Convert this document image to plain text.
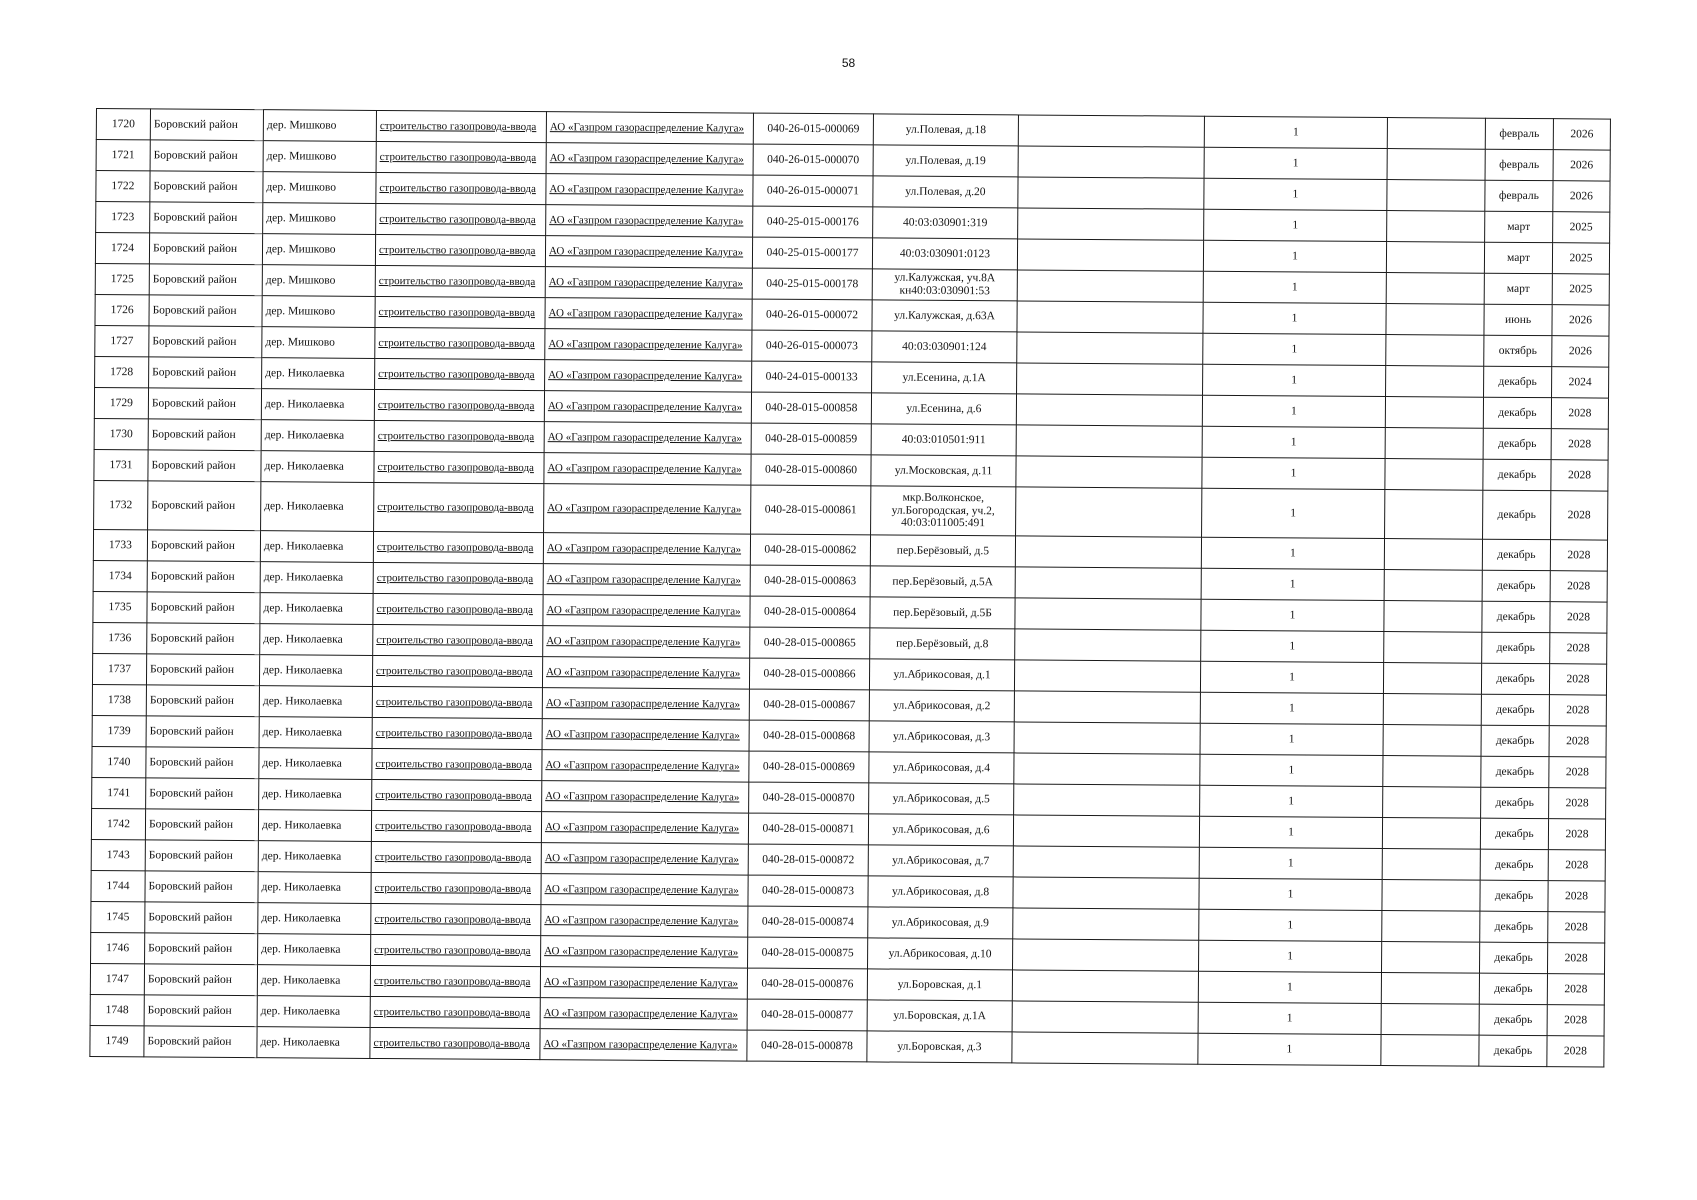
58
1720	Боровский район	дер. Мишково	строительство газопровода-ввода	АО «Газпром газораспределение Калуга»	040-26-015-000069	ул.Полевая, д.18		1		февраль	2026
1721	Боровский район	дер. Мишково	строительство газопровода-ввода	АО «Газпром газораспределение Калуга»	040-26-015-000070	ул.Полевая, д.19		1		февраль	2026
1722	Боровский район	дер. Мишково	строительство газопровода-ввода	АО «Газпром газораспределение Калуга»	040-26-015-000071	ул.Полевая, д.20		1		февраль	2026
1723	Боровский район	дер. Мишково	строительство газопровода-ввода	АО «Газпром газораспределение Калуга»	040-25-015-000176	40:03:030901:319		1		март	2025
1724	Боровский район	дер. Мишково	строительство газопровода-ввода	АО «Газпром газораспределение Калуга»	040-25-015-000177	40:03:030901:0123		1		март	2025
1725	Боровский район	дер. Мишково	строительство газопровода-ввода	АО «Газпром газораспределение Калуга»	040-25-015-000178	ул.Калужская, уч.8А кн40:03:030901:53		1		март	2025
1726	Боровский район	дер. Мишково	строительство газопровода-ввода	АО «Газпром газораспределение Калуга»	040-26-015-000072	ул.Калужская, д.63А		1		июнь	2026
1727	Боровский район	дер. Мишково	строительство газопровода-ввода	АО «Газпром газораспределение Калуга»	040-26-015-000073	40:03:030901:124		1		октябрь	2026
1728	Боровский район	дер. Николаевка	строительство газопровода-ввода	АО «Газпром газораспределение Калуга»	040-24-015-000133	ул.Есенина, д.1А		1		декабрь	2024
1729	Боровский район	дер. Николаевка	строительство газопровода-ввода	АО «Газпром газораспределение Калуга»	040-28-015-000858	ул.Есенина, д.6		1		декабрь	2028
1730	Боровский район	дер. Николаевка	строительство газопровода-ввода	АО «Газпром газораспределение Калуга»	040-28-015-000859	40:03:010501:911		1		декабрь	2028
1731	Боровский район	дер. Николаевка	строительство газопровода-ввода	АО «Газпром газораспределение Калуга»	040-28-015-000860	ул.Московская, д.11		1		декабрь	2028
1732	Боровский район	дер. Николаевка	строительство газопровода-ввода	АО «Газпром газораспределение Калуга»	040-28-015-000861	мкр.Волконское, ул.Богородская, уч.2, 40:03:011005:491		1		декабрь	2028
1733	Боровский район	дер. Николаевка	строительство газопровода-ввода	АО «Газпром газораспределение Калуга»	040-28-015-000862	пер.Берёзовый, д.5		1		декабрь	2028
1734	Боровский район	дер. Николаевка	строительство газопровода-ввода	АО «Газпром газораспределение Калуга»	040-28-015-000863	пер.Берёзовый, д.5А		1		декабрь	2028
1735	Боровский район	дер. Николаевка	строительство газопровода-ввода	АО «Газпром газораспределение Калуга»	040-28-015-000864	пер.Берёзовый, д.5Б		1		декабрь	2028
1736	Боровский район	дер. Николаевка	строительство газопровода-ввода	АО «Газпром газораспределение Калуга»	040-28-015-000865	пер.Берёзовый, д.8		1		декабрь	2028
1737	Боровский район	дер. Николаевка	строительство газопровода-ввода	АО «Газпром газораспределение Калуга»	040-28-015-000866	ул.Абрикосовая, д.1		1		декабрь	2028
1738	Боровский район	дер. Николаевка	строительство газопровода-ввода	АО «Газпром газораспределение Калуга»	040-28-015-000867	ул.Абрикосовая, д.2		1		декабрь	2028
1739	Боровский район	дер. Николаевка	строительство газопровода-ввода	АО «Газпром газораспределение Калуга»	040-28-015-000868	ул.Абрикосовая, д.3		1		декабрь	2028
1740	Боровский район	дер. Николаевка	строительство газопровода-ввода	АО «Газпром газораспределение Калуга»	040-28-015-000869	ул.Абрикосовая, д.4		1		декабрь	2028
1741	Боровский район	дер. Николаевка	строительство газопровода-ввода	АО «Газпром газораспределение Калуга»	040-28-015-000870	ул.Абрикосовая, д.5		1		декабрь	2028
1742	Боровский район	дер. Николаевка	строительство газопровода-ввода	АО «Газпром газораспределение Калуга»	040-28-015-000871	ул.Абрикосовая, д.6		1		декабрь	2028
1743	Боровский район	дер. Николаевка	строительство газопровода-ввода	АО «Газпром газораспределение Калуга»	040-28-015-000872	ул.Абрикосовая, д.7		1		декабрь	2028
1744	Боровский район	дер. Николаевка	строительство газопровода-ввода	АО «Газпром газораспределение Калуга»	040-28-015-000873	ул.Абрикосовая, д.8		1		декабрь	2028
1745	Боровский район	дер. Николаевка	строительство газопровода-ввода	АО «Газпром газораспределение Калуга»	040-28-015-000874	ул.Абрикосовая, д.9		1		декабрь	2028
1746	Боровский район	дер. Николаевка	строительство газопровода-ввода	АО «Газпром газораспределение Калуга»	040-28-015-000875	ул.Абрикосовая, д.10		1		декабрь	2028
1747	Боровский район	дер. Николаевка	строительство газопровода-ввода	АО «Газпром газораспределение Калуга»	040-28-015-000876	ул.Боровская, д.1		1		декабрь	2028
1748	Боровский район	дер. Николаевка	строительство газопровода-ввода	АО «Газпром газораспределение Калуга»	040-28-015-000877	ул.Боровская, д.1А		1		декабрь	2028
1749	Боровский район	дер. Николаевка	строительство газопровода-ввода	АО «Газпром газораспределение Калуга»	040-28-015-000878	ул.Боровская, д.3		1		декабрь	2028
